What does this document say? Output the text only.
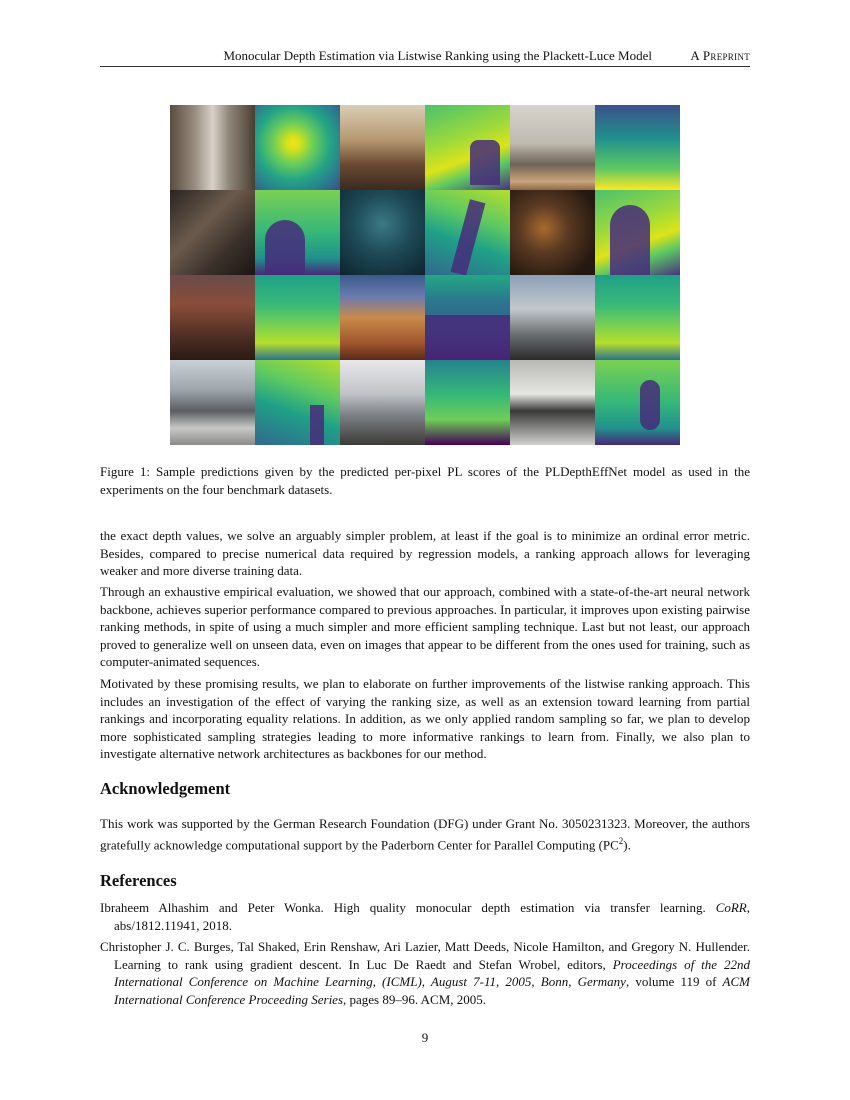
Monocular Depth Estimation via Listwise Ranking using the Plackett-Luce Model	A Preprint
Figure 1: Sample predictions given by the predicted per-pixel PL scores of the PLDepthEffNet model as used in the experiments on the four benchmark datasets.

the exact depth values, we solve an arguably simpler problem, at least if the goal is to minimize an ordinal error metric. Besides, compared to precise numerical data required by regression models, a ranking approach allows for leveraging weaker and more diverse training data.

Through an exhaustive empirical evaluation, we showed that our approach, combined with a state-of-the-art neural network backbone, achieves superior performance compared to previous approaches. In particular, it improves upon existing pairwise ranking methods, in spite of using a much simpler and more efficient sampling technique. Last but not least, our approach proved to generalize well on unseen data, even on images that appear to be different from the ones used for training, such as computer-animated sequences.

Motivated by these promising results, we plan to elaborate on further improvements of the listwise ranking approach. This includes an investigation of the effect of varying the ranking size, as well as an extension toward learning from partial rankings and incorporating equality relations. In addition, as we only applied random sampling so far, we plan to develop more sophisticated sampling strategies leading to more informative rankings to learn from. Finally, we also plan to investigate alternative network architectures as backbones for our method.

Acknowledgement

This work was supported by the German Research Foundation (DFG) under Grant No. 3050231323. Moreover, the authors gratefully acknowledge computational support by the Paderborn Center for Parallel Computing $(PC^2)$.

References

Ibraheem Alhashim and Peter Wonka. High quality monocular depth estimation via transfer learning. CoRR, abs/1812.11941, 2018.

Christopher J. C. Burges, Tal Shaked, Erin Renshaw, Ari Lazier, Matt Deeds, Nicole Hamilton, and Gregory N. Hullender. Learning to rank using gradient descent. In Luc De Raedt and Stefan Wrobel, editors, Proceedings of the 22nd International Conference on Machine Learning, (ICML), August 7-11, 2005, Bonn, Germany, volume 119 of ACM International Conference Proceeding Series, pages 89–96. ACM, 2005.

9
